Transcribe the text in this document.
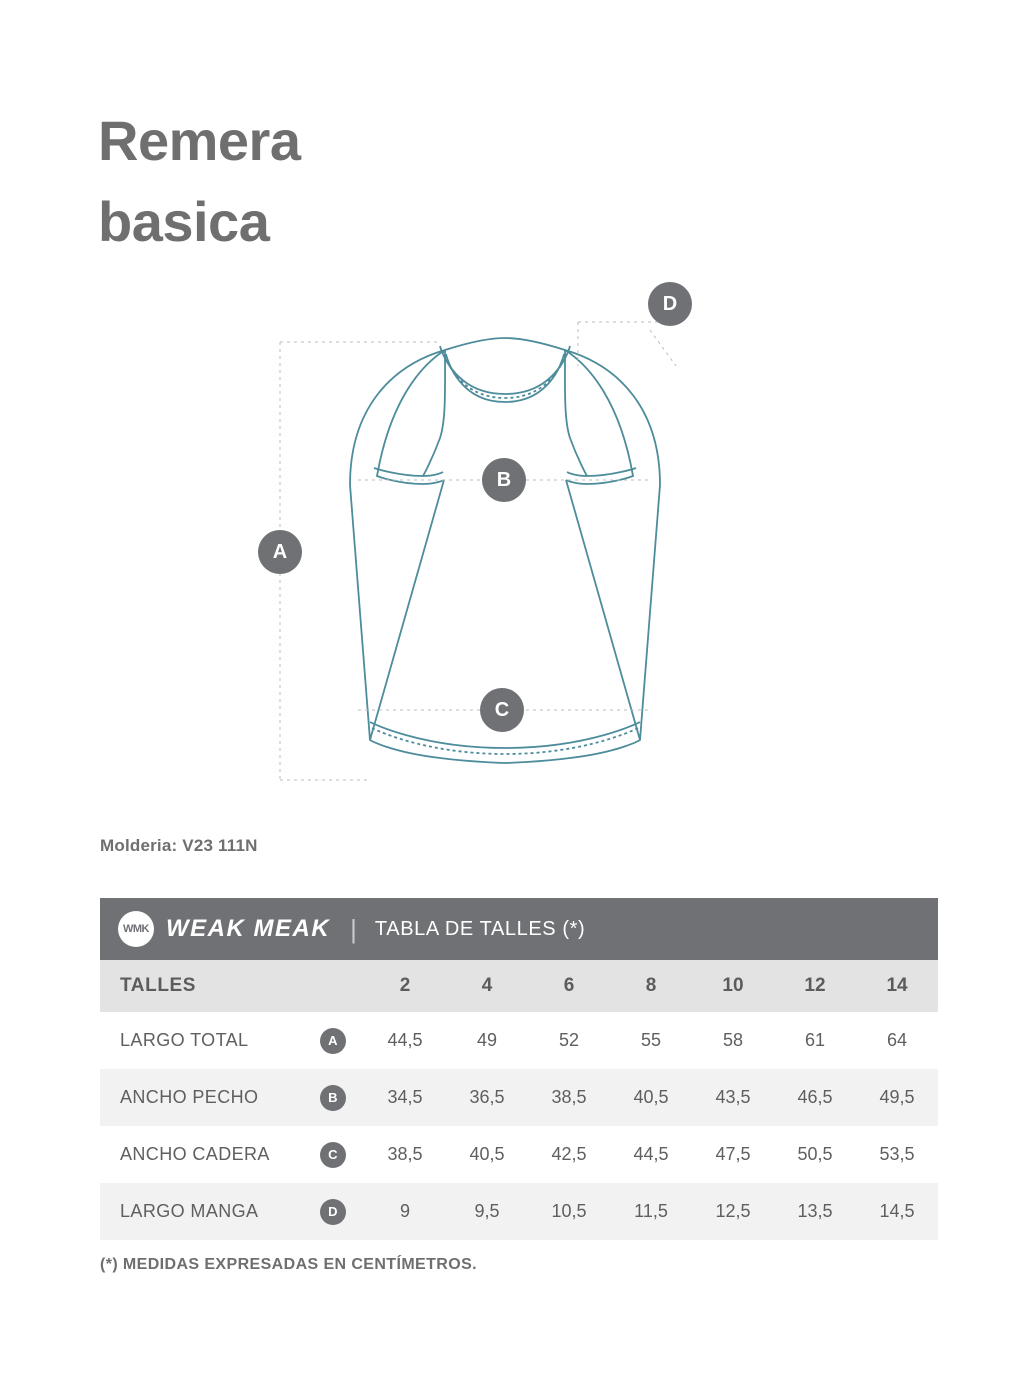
Remera
basica
A
B
C
D
Molderia: V23 111N
WMK WEAK MEAK | TABLA DE TALLES (*)							

TALLES	2	4	6	8	10	12	14

LARGO TOTAL A	44,5	49	52	55	58	61	64

ANCHO PECHO B	34,5	36,5	38,5	40,5	43,5	46,5	49,5

ANCHO CADERA C	38,5	40,5	42,5	44,5	47,5	50,5	53,5

LARGO MANGA D	9	9,5	10,5	11,5	12,5	13,5	14,5
(*) MEDIDAS EXPRESADAS EN CENTÍMETROS.
